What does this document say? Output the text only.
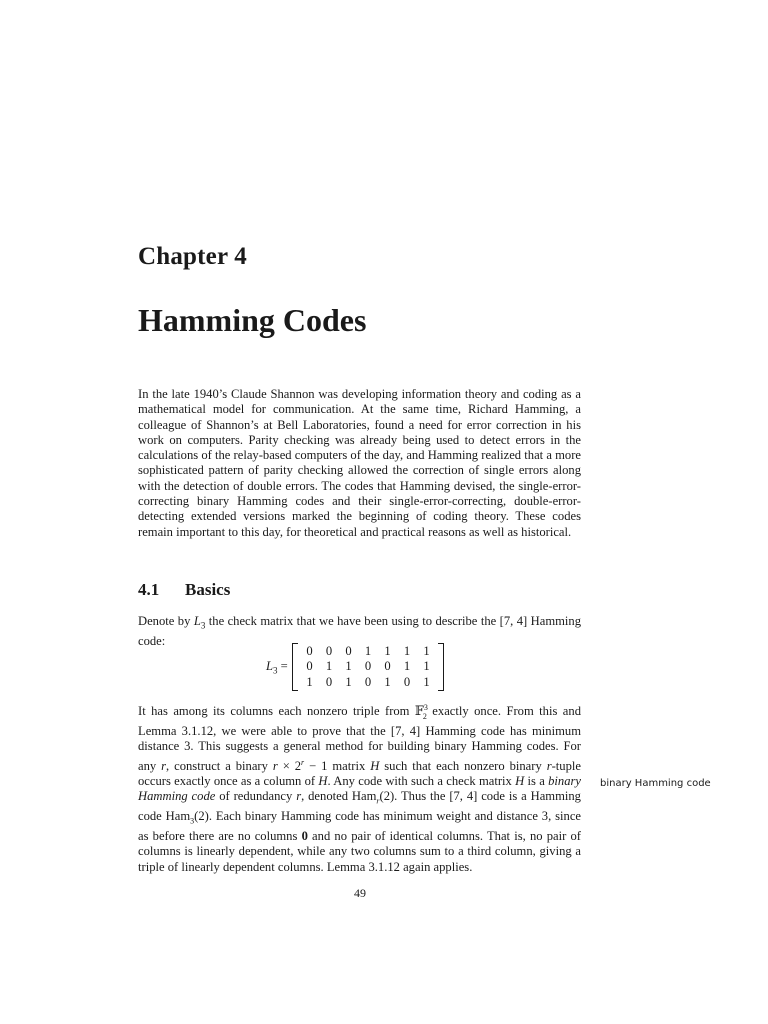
Chapter 4
Hamming Codes

In the late 1940’s Claude Shannon was developing information theory and coding as a mathematical model for communication. At the same time, Richard Hamming, a colleague of Shannon’s at Bell Laboratories, found a need for error correction in his work on computers. Parity checking was already being used to detect errors in the calculations of the relay-based computers of the day, and Hamming realized that a more sophisticated pattern of parity checking allowed the correction of single errors along with the detection of double errors. The codes that Hamming devised, the single-error-correcting binary Hamming codes and their single-error-correcting, double-error-detecting extended versions marked the beginning of coding theory. These codes remain important to this day, for theoretical and practical reasons as well as historical.

4.1 Basics

Denote by $L_3$ the check matrix that we have been using to describe the [7, 4] Hamming code:

$L_3$ =
0	0	0	1	1	1	1
0	1	1	0	0	1	1
1	0	1	0	1	0	1

It has among its columns each nonzero triple from 𝔽$^3_2$ exactly once. From this and Lemma 3.1.12, we were able to prove that the [7, 4] Hamming code has minimum distance 3. This suggests a general method for building binary Hamming codes. For any r, construct a binary $r \times 2^r - 1$ matrix H such that each nonzero binary r-tuple occurs exactly once as a column of H. Any code with such a check matrix H is a binary Hamming code of redundancy r, denoted Ham$_r$(2). Thus the [7, 4] code is a Hamming code Ham$_3$(2). Each binary Hamming code has minimum weight and distance 3, since as before there are no columns 0 and no pair of identical columns. That is, no pair of columns is linearly dependent, while any two columns sum to a third column, giving a triple of linearly dependent columns. Lemma 3.1.12 again applies.

binary Hamming code
49
